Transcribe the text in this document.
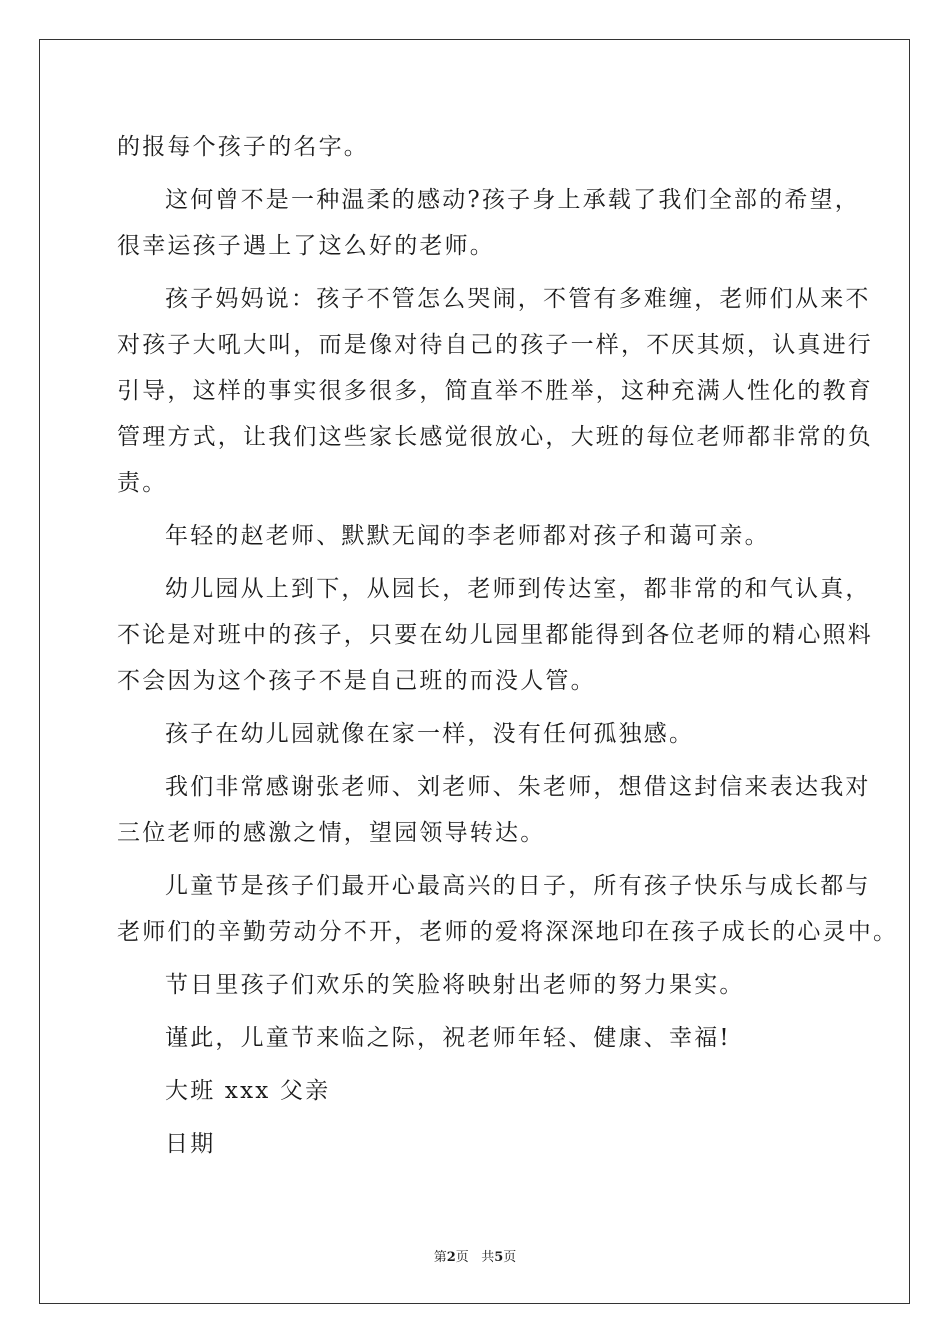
的报每个孩子的名字。
这何曾不是一种温柔的感动?孩子身上承载了我们全部的希望，
很幸运孩子遇上了这么好的老师。
孩子妈妈说：孩子不管怎么哭闹，不管有多难缠，老师们从来不
对孩子大吼大叫，而是像对待自己的孩子一样，不厌其烦，认真进行
引导，这样的事实很多很多，简直举不胜举，这种充满人性化的教育
管理方式，让我们这些家长感觉很放心，大班的每位老师都非常的负
责。
年轻的赵老师、默默无闻的李老师都对孩子和蔼可亲。
幼儿园从上到下，从园长，老师到传达室，都非常的和气认真，
不论是对班中的孩子，只要在幼儿园里都能得到各位老师的精心照料
不会因为这个孩子不是自己班的而没人管。
孩子在幼儿园就像在家一样，没有任何孤独感。
我们非常感谢张老师、刘老师、朱老师，想借这封信来表达我对
三位老师的感激之情，望园领导转达。
儿童节是孩子们最开心最高兴的日子，所有孩子快乐与成长都与
老师们的辛勤劳动分不开，老师的爱将深深地印在孩子成长的心灵中。
节日里孩子们欢乐的笑脸将映射出老师的努力果实。
谨此，儿童节来临之际，祝老师年轻、健康、幸福!
大班 xxx 父亲
日期
第2页 共5页
